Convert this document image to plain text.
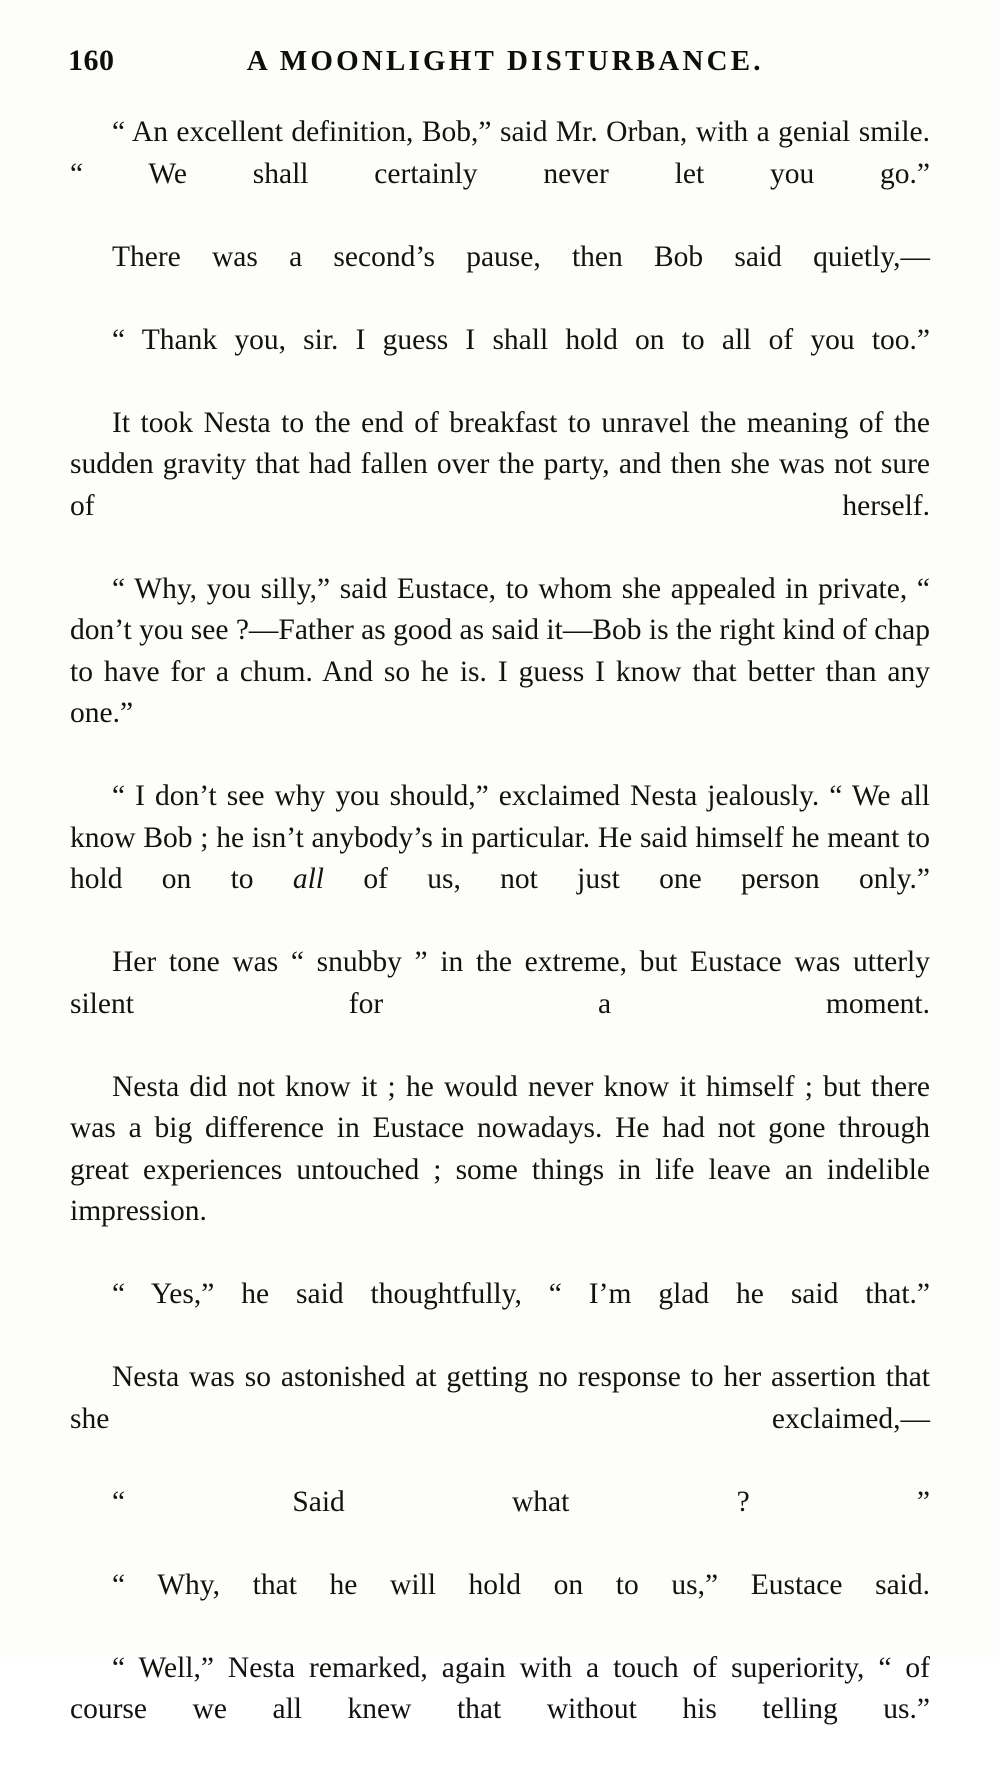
160	A MOONLIGHT DISTURBANCE.

“ An excellent definition, Bob,” said Mr. Orban, with a genial smile. “ We shall certainly never let you go.”

There was a second’s pause, then Bob said quietly,—

“ Thank you, sir. I guess I shall hold on to all of you too.”

It took Nesta to the end of breakfast to unravel the meaning of the sudden gravity that had fallen over the party, and then she was not sure of herself.

“ Why, you silly,” said Eustace, to whom she appealed in private, “ don’t you see ?—Father as good as said it—Bob is the right kind of chap to have for a chum. And so he is. I guess I know that better than any one.”

“ I don’t see why you should,” exclaimed Nesta jealously. “ We all know Bob ; he isn’t anybody’s in particular. He said himself he meant to hold on to all of us, not just one person only.”

Her tone was “ snubby ” in the extreme, but Eustace was utterly silent for a moment.

Nesta did not know it ; he would never know it himself ; but there was a big difference in Eustace nowadays. He had not gone through great experiences untouched ; some things in life leave an indelible impression.

“ Yes,” he said thoughtfully, “ I’m glad he said that.”

Nesta was so astonished at getting no response to her assertion that she exclaimed,—

“ Said what ? ”

“ Why, that he will hold on to us,” Eustace said.

“ Well,” Nesta remarked, again with a touch of superiority, “ of course we all knew that without his telling us.”
